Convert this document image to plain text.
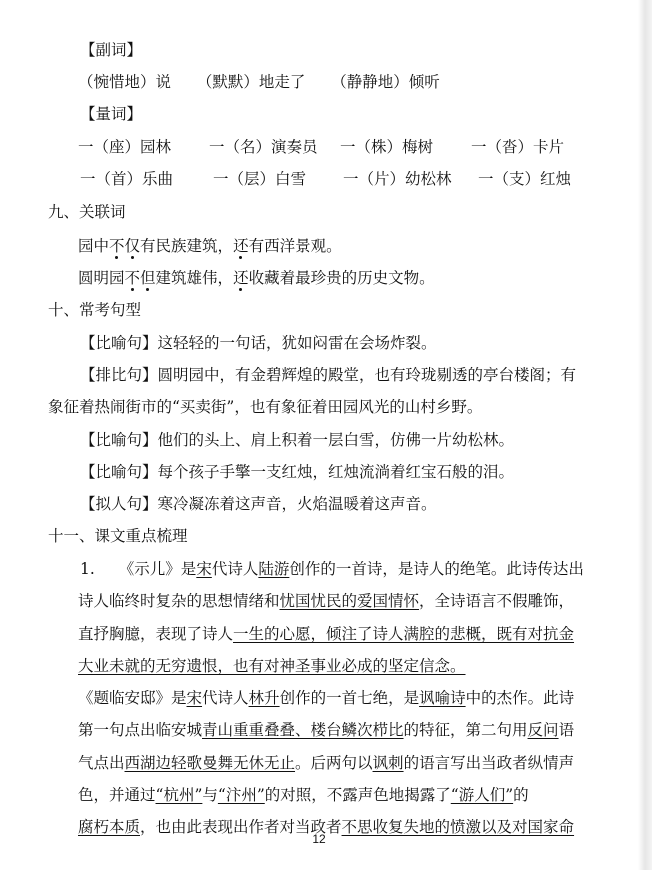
【副词】
（惋惜地）说 （默默）地走了 （静静地）倾听
【量词】
一（座）园林 一（名）演奏员 一（株）梅树 一（沓）卡片
一（首）乐曲	一（层）白雪 一（片）幼松林 一（支）红烛
九、关联词
园中不仅有民族建筑，还有西洋景观。
圆明园不但建筑雄伟，还收藏着最珍贵的历史文物。
十、常考句型
【比喻句】这轻轻的一句话，犹如闷雷在会场炸裂。
【排比句】圆明园中，有金碧辉煌的殿堂，也有玲珑剔透的亭台楼阁；有
象征着热闹街市的“买卖街”，也有象征着田园风光的山村乡野。
【比喻句】他们的头上、肩上积着一层白雪，仿佛一片幼松林。
【比喻句】每个孩子手擎一支红烛，红烛流淌着红宝石般的泪。
【拟人句】寒冷凝冻着这声音，火焰温暖着这声音。
十一、课文重点梳理
1. 《示儿》是宋代诗人陆游创作的一首诗，是诗人的绝笔。此诗传达出
诗人临终时复杂的思想情绪和忧国忧民的爱国情怀，全诗语言不假雕饰，
直抒胸臆，表现了诗人一生的心愿，倾注了诗人满腔的悲概，既有对抗金
大业未就的无穷遗恨，也有对神圣事业必成的坚定信念。
《题临安邸》是宋代诗人林升创作的一首七绝，是讽喻诗中的杰作。此诗
第一句点出临安城青山重重叠叠、楼台鳞次栉比的特征，第二句用反问语
气点出西湖边轻歌曼舞无休无止。后两句以讽刺的语言写出当政者纵情声
色，并通过“杭州”与“汴州”的对照，不露声色地揭露了“游人们”的
腐朽本质，也由此表现出作者对当政者不思收复失地的愤激以及对国家命
12
